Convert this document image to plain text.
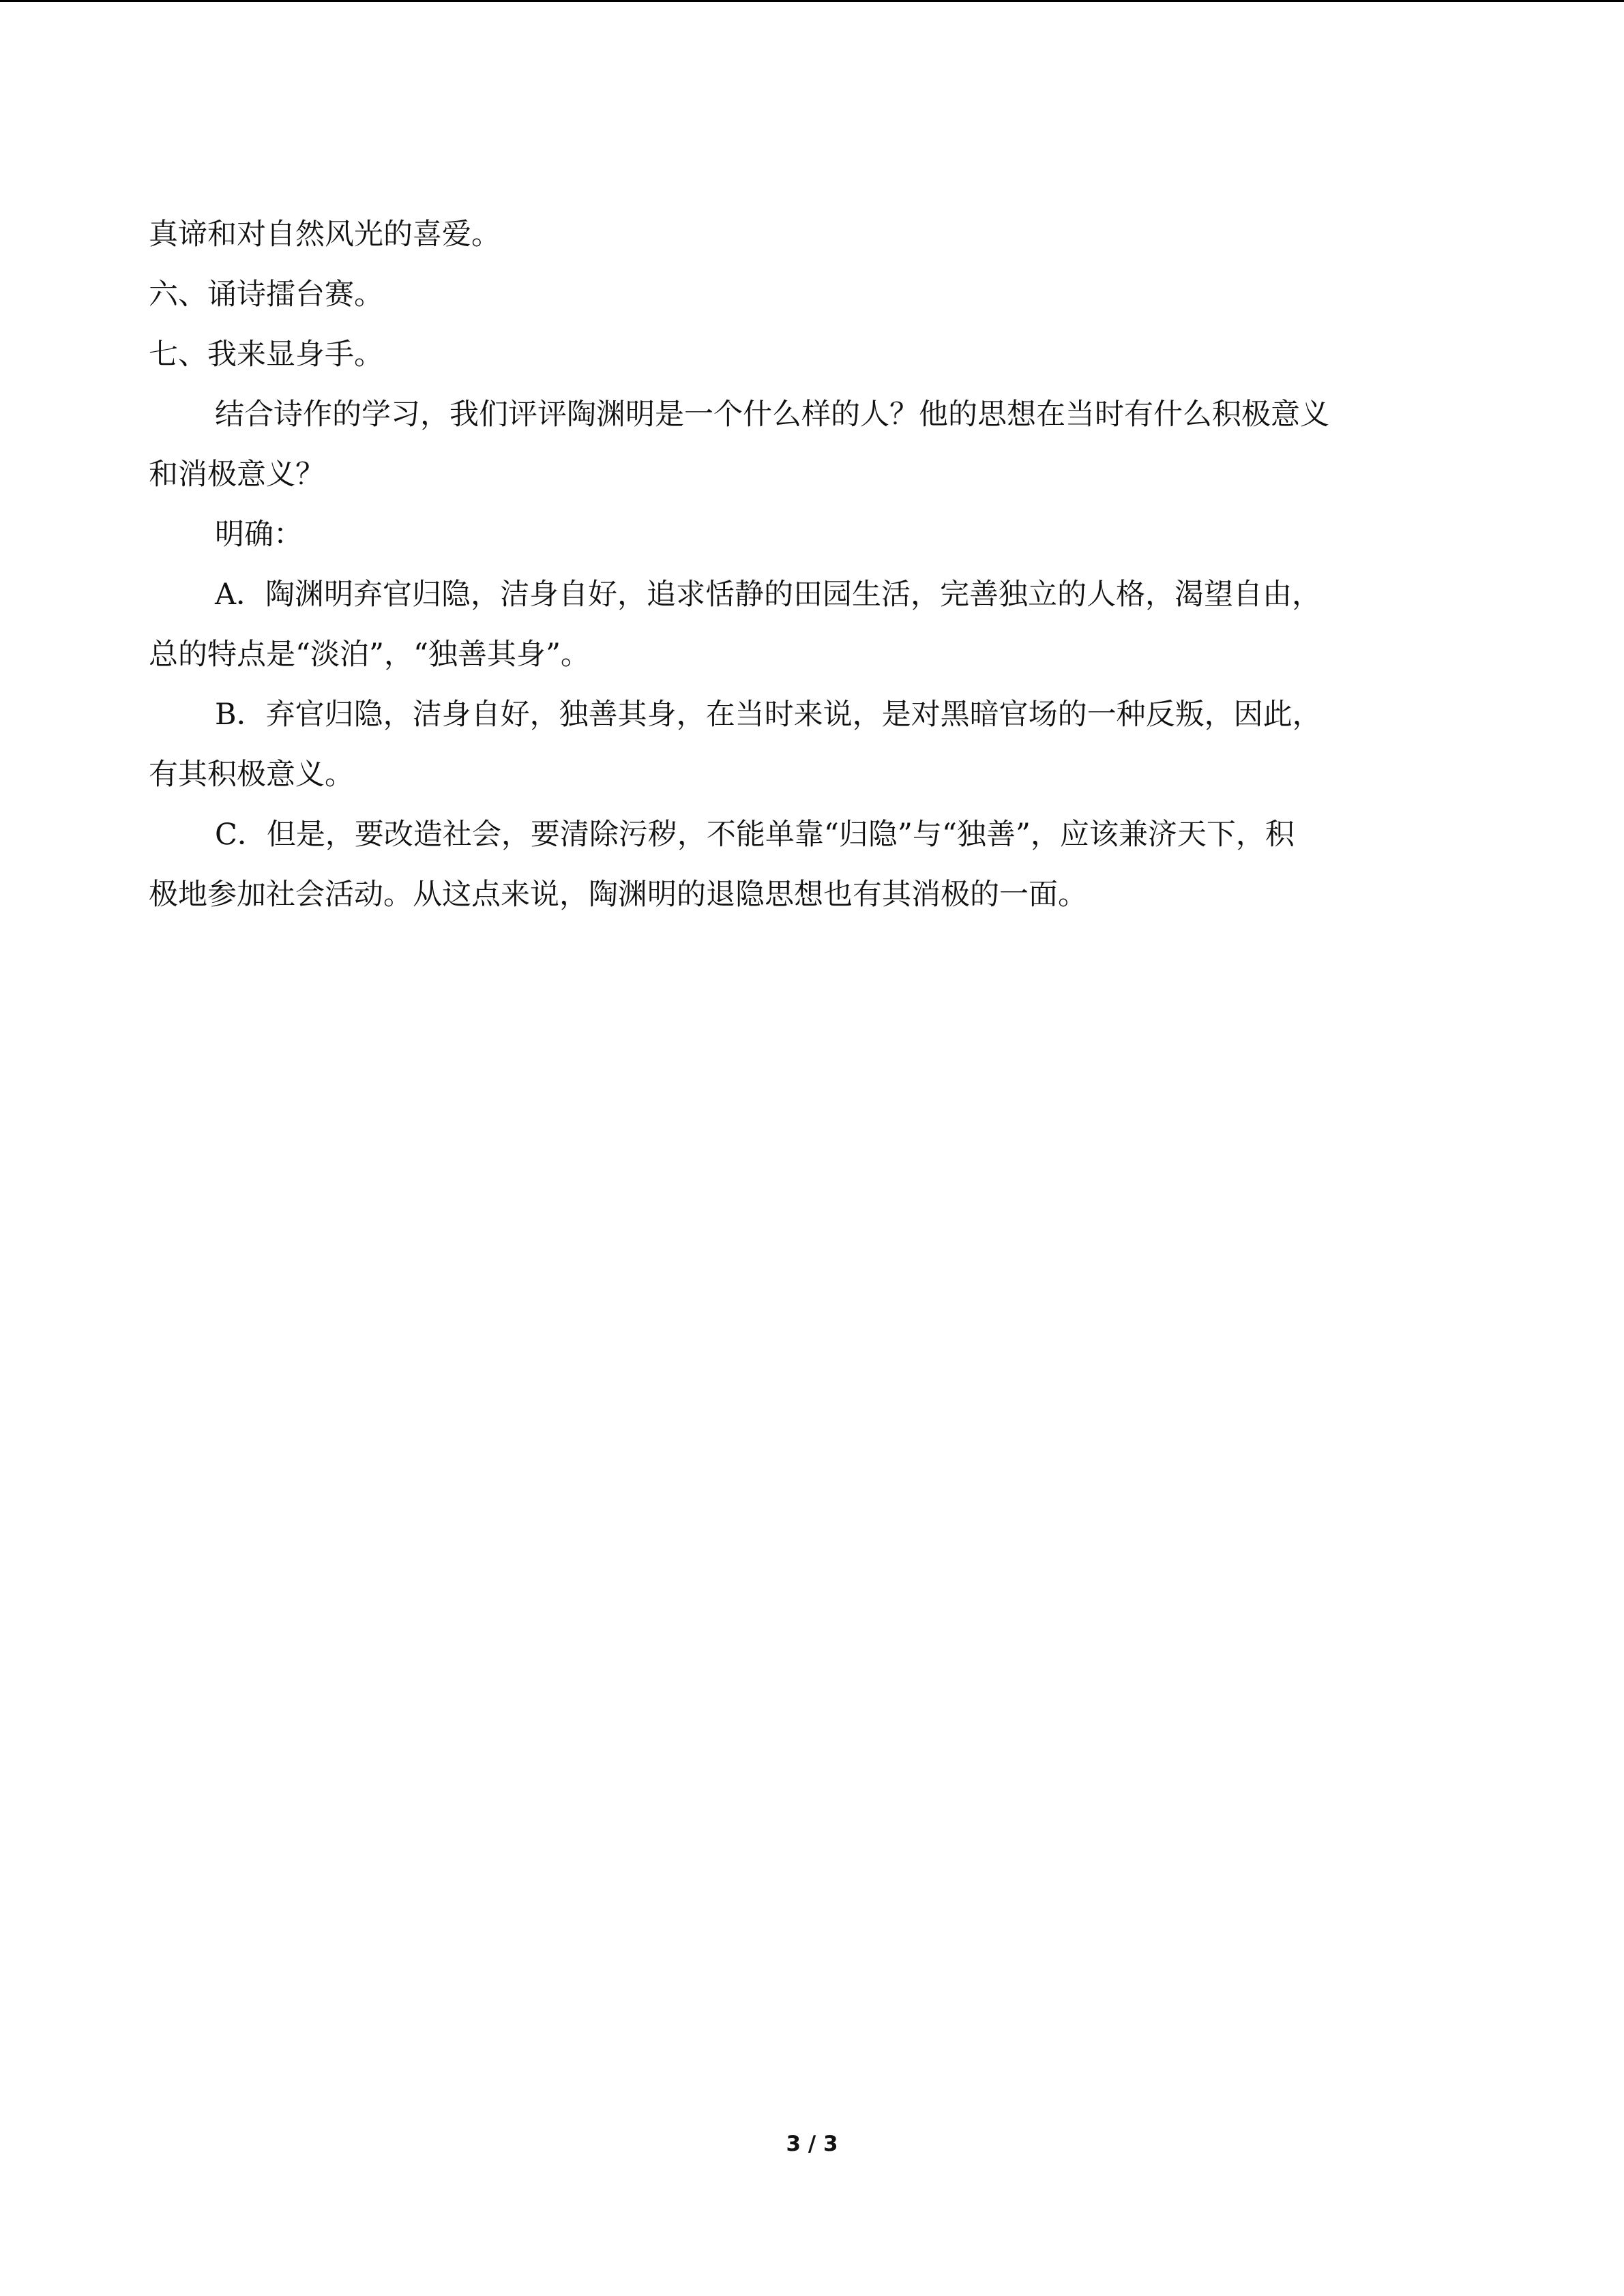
真谛和对自然风光的喜爱。

六、诵诗擂台赛。

七、我来显身手。

结合诗作的学习，我们评评陶渊明是一个什么样的人？他的思想在当时有什么积极意义

和消极意义？

明确：

A．陶渊明弃官归隐，洁身自好，追求恬静的田园生活，完善独立的人格，渴望自由，

总的特点是“淡泊”，“独善其身”。

B．弃官归隐，洁身自好，独善其身，在当时来说，是对黑暗官场的一种反叛，因此，

有其积极意义。

C．但是，要改造社会，要清除污秽，不能单靠“归隐”与“独善”，应该兼济天下，积

极地参加社会活动。从这点来说，陶渊明的退隐思想也有其消极的一面。

3 / 3
